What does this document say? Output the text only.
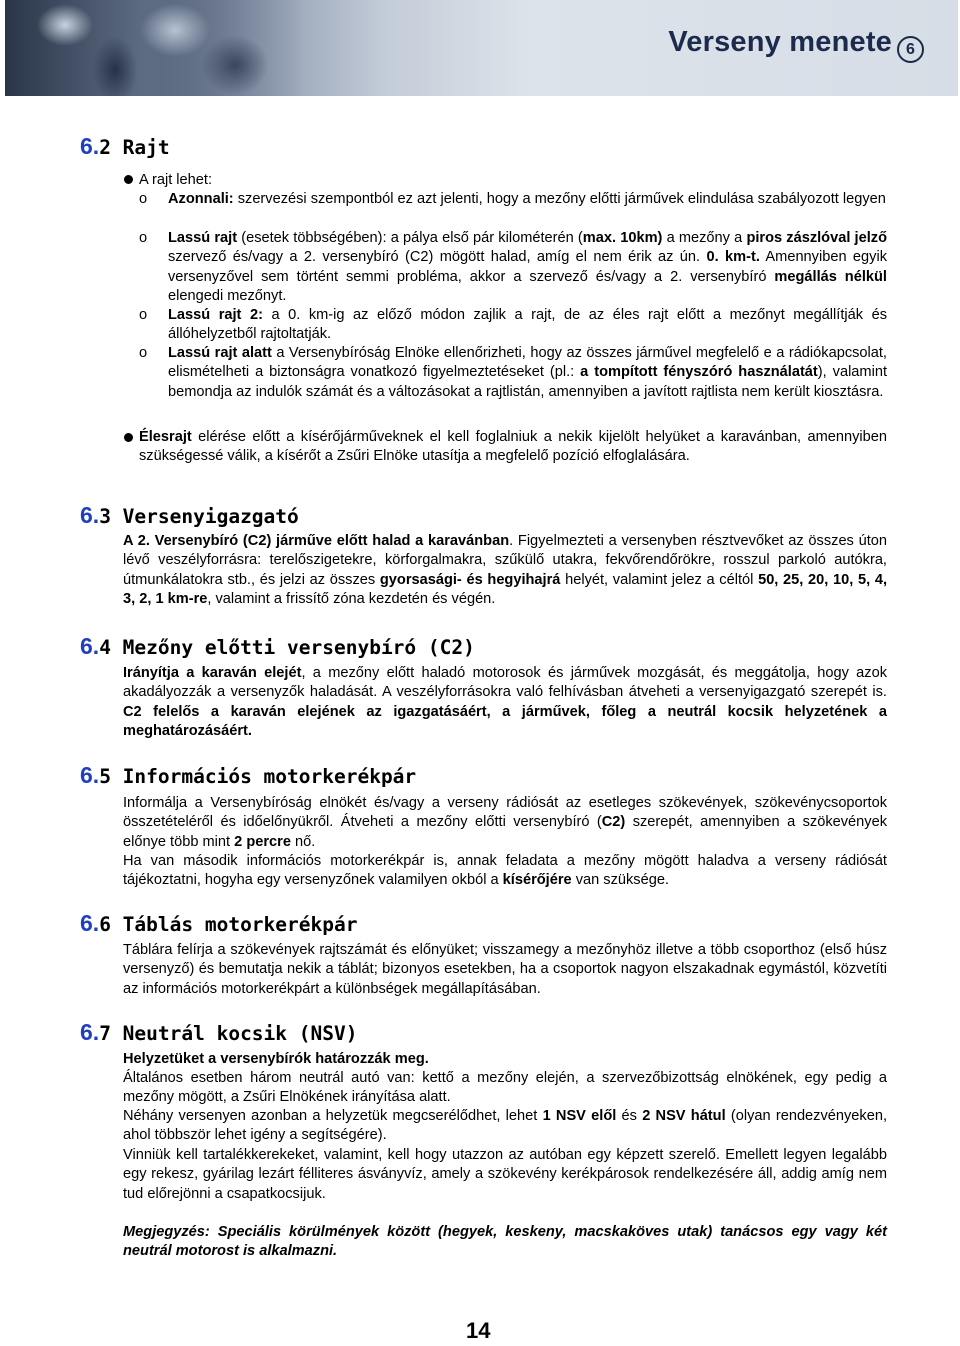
Verseny menete 6
6.2 Rajt
A rajt lehet:
o Azonnali: szervezési szempontból ez azt jelenti, hogy a mezőny előtti járművek elindulása szabályozott legyen
o Lassú rajt (esetek többségében): a pálya első pár kilométerén (max. 10km) a mezőny a piros zászlóval jelző szervező és/vagy a 2. versenybíró (C2) mögött halad, amíg el nem érik az ún. 0. km-t. Amennyiben egyik versenyzővel sem történt semmi probléma, akkor a szervező és/vagy a 2. versenybíró megállás nélkül elengedi mezőnyt.
o Lassú rajt 2: a 0. km-ig az előző módon zajlik a rajt, de az éles rajt előtt a mezőnyt megállítják és állóhelyzetből rajtoltatják.
o Lassú rajt alatt a Versenybíróság Elnöke ellenőrizheti, hogy az összes járművel megfelelő e a rádiókapcsolat, elismételheti a biztonságra vonatkozó figyelmeztetéseket (pl.: a tompított fényszóró használatát), valamint bemondja az indulók számát és a változásokat a rajtlistán, amennyiben a javított rajtlista nem került kiosztásra.
Élesrajt elérése előtt a kísérőjárműveknek el kell foglalniuk a nekik kijelölt helyüket a karavánban, amennyiben szükségessé válik, a kísérőt a Zsűri Elnöke utasítja a megfelelő pozíció elfoglalására.
6.3 Versenyigazgató
A 2. Versenybíró (C2) járműve előtt halad a karavánban. Figyelmezteti a versenyben résztvevőket az összes úton lévő veszélyforrásra: terelőszigetekre, körforgalmakra, szűkülő utakra, fekvőrendőrökre, rosszul parkoló autókra, útmunkálatokra stb., és jelzi az összes gyorsasági- és hegyihajrá helyét, valamint jelez a céltól 50, 25, 20, 10, 5, 4, 3, 2, 1 km-re, valamint a frissítő zóna kezdetén és végén.
6.4 Mezőny előtti versenybíró (C2)
Irányítja a karaván elejét, a mezőny előtt haladó motorosok és járművek mozgását, és meggátolja, hogy azok akadályozzák a versenyzők haladását. A veszélyforrásokra való felhívásban átveheti a versenyigazgató szerepét is. C2 felelős a karaván elejének az igazgatásáért, a járművek, főleg a neutrál kocsik helyzetének a meghatározásáért.
6.5 Információs motorkerékpár
Informálja a Versenybíróság elnökét és/vagy a verseny rádiósát az esetleges szökevények, szökevénycsoportok összetételéről és időelőnyükről. Átveheti a mezőny előtti versenybíró (C2) szerepét, amennyiben a szökevények előnye több mint 2 percre nő.
Ha van második információs motorkerékpár is, annak feladata a mezőny mögött haladva a verseny rádiósát tájékoztatni, hogyha egy versenyzőnek valamilyen okból a kísérőjére van szüksége.
6.6 Táblás motorkerékpár
Táblára felírja a szökevények rajtszámát és előnyüket; visszamegy a mezőnyhöz illetve a több csoporthoz (első húsz versenyző) és bemutatja nekik a táblát; bizonyos esetekben, ha a csoportok nagyon elszakadnak egymástól, közvetíti az információs motorkerékpárt a különbségek megállapításában.
6.7 Neutrál kocsik (NSV)
Helyzetüket a versenybírók határozzák meg.
Általános esetben három neutrál autó van: kettő a mezőny elején, a szervezőbizottság elnökének, egy pedig a mezőny mögött, a Zsűri Elnökének irányítása alatt.
Néhány versenyen azonban a helyzetük megcserélődhet, lehet 1 NSV elől és 2 NSV hátul (olyan rendezvényeken, ahol többször lehet igény a segítségére).
Vinniük kell tartalékkerekeket, valamint, kell hogy utazzon az autóban egy képzett szerelő. Emellett legyen legalább egy rekesz, gyárilag lezárt félliteres ásványvíz, amely a szökevény kerékpárosok rendelkezésére áll, addig amíg nem tud előrejönni a csapatkocsijuk.
Megjegyzés: Speciális körülmények között (hegyek, keskeny, macskaköves utak) tanácsos egy vagy két neutrál motorost is alkalmazni.
14
